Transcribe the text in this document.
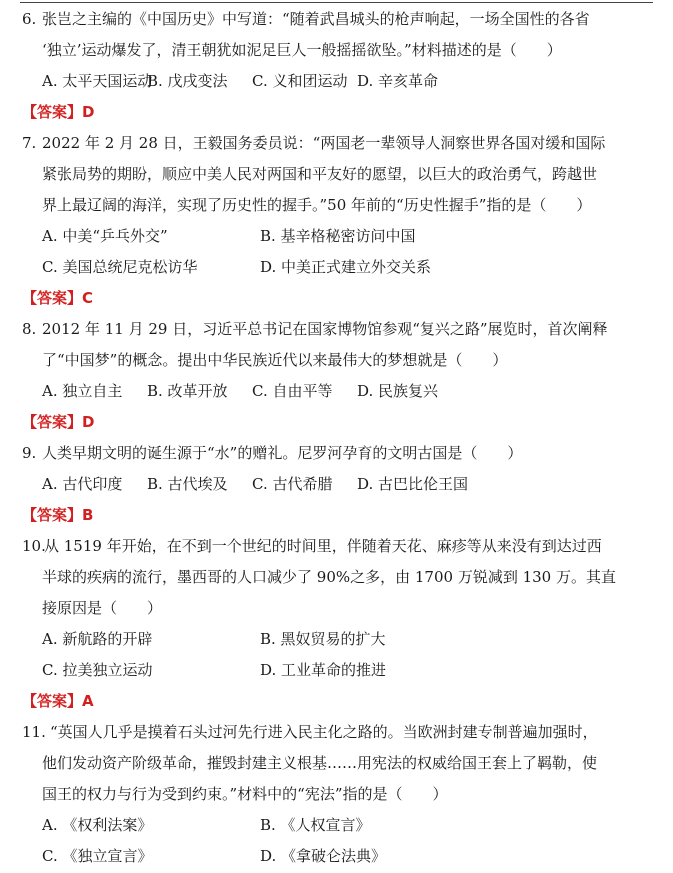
6. 张岂之主编的《中国历史》中写道：“随着武昌城头的枪声响起，一场全国性的各省
‘独立’运动爆发了，清王朝犹如泥足巨人一般摇摇欲坠。”材料描述的是（　　）
A. 太平天国运动
B. 戊戌变法	C. 义和团运动 D. 辛亥革命
【答案】 D
7. 2022 年 2 月 28 日，王毅国务委员说：“两国老一辈领导人洞察世界各国对缓和国际
紧张局势的期盼，顺应中美人民对两国和平友好的愿望，以巨大的政治勇气，跨越世
界上最辽阔的海洋，实现了历史性的握手。”50 年前的“历史性握手”指的是（　　）
A. 中美“乒乓外交”	B. 基辛格秘密访问中国
C. 美国总统尼克松访华	D. 中美正式建立外交关系
【答案】 C
8. 2012 年 11 月 29 日，习近平总书记在国家博物馆参观“复兴之路”展览时，首次阐释
了“中国梦”的概念。提出中华民族近代以来最伟大的梦想就是（　　）
A. 独立自主	B. 改革开放	C. 自由平等	D. 民族复兴
【答案】 D
9. 人类早期文明的诞生源于“水”的赠礼。尼罗河孕育的文明古国是（　　）
A. 古代印度	B. 古代埃及	C. 古代希腊	D. 古巴比伦王国
【答案】 B
10.
从 1519 年开始，在不到一个世纪的时间里，伴随着天花、麻疹等从来没有到达过西
半球的疾病的流行，墨西哥的人口减少了 90%之多，由 1700 万锐减到 130 万。其直
接原因是（　　）
A. 新航路的开辟	B. 黑奴贸易的扩大
C. 拉美独立运动	D. 工业革命的推进
【答案】 A
11. “英国人几乎是摸着石头过河先行进入民主化之路的。当欧洲封建专制普遍加强时，
他们发动资产阶级革命，摧毁封建主义根基……用宪法的权威给国王套上了羁勒，使
国王的权力与行为受到约束。”材料中的“宪法”指的是（　　）
A. 《权利法案》	B. 《人权宣言》
C. 《独立宣言》	D. 《拿破仑法典》
